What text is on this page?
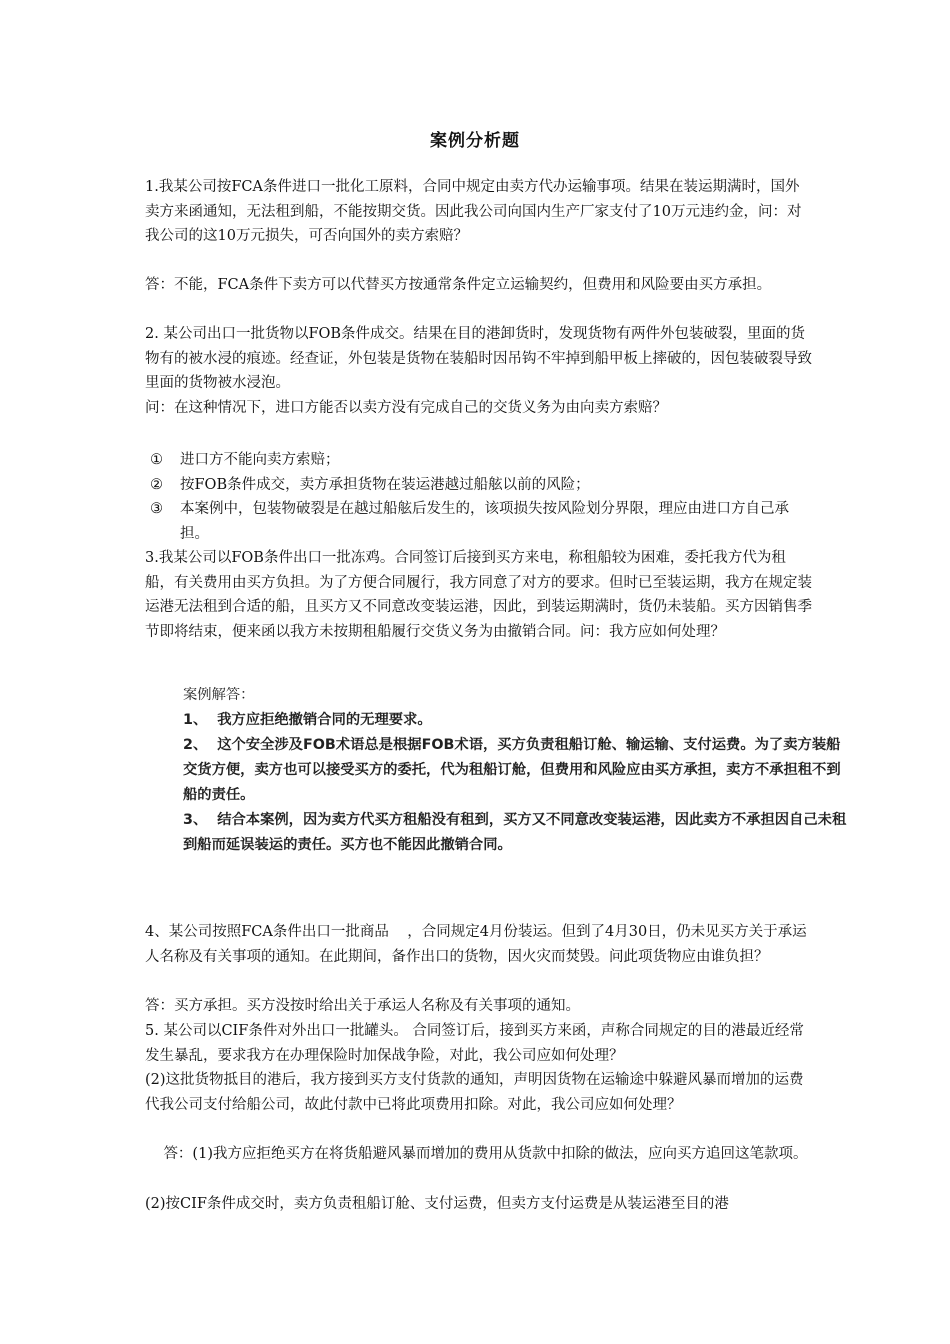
案例分析题
1.我某公司按FCA条件进口一批化工原料，合同中规定由卖方代办运输事项。结果在装运期满时，国外卖方来函通知，无法租到船，不能按期交货。因此我公司向国内生产厂家支付了10万元违约金，问：对我公司的这10万元损失，可否向国外的卖方索赔？
答：不能，FCA条件下卖方可以代替买方按通常条件定立运输契约，但费用和风险要由买方承担。
2. 某公司出口一批货物以FOB条件成交。结果在目的港卸货时，发现货物有两件外包装破裂，里面的货物有的被水浸的痕迹。经查证，外包装是货物在装船时因吊钩不牢掉到船甲板上摔破的，因包装破裂导致里面的货物被水浸泡。
问：在这种情况下，进口方能否以卖方没有完成自己的交货义务为由向卖方索赔？
①	进口方不能向卖方索赔；
②	按FOB条件成交，卖方承担货物在装运港越过船舷以前的风险；
③	本案例中，包装物破裂是在越过船舷后发生的，该项损失按风险划分界限，理应由进口方自己承担。
3.我某公司以FOB条件出口一批冻鸡。合同签订后接到买方来电，称租船较为困难，委托我方代为租船，有关费用由买方负担。为了方便合同履行，我方同意了对方的要求。但时已至装运期，我方在规定装运港无法租到合适的船，且买方又不同意改变装运港，因此，到装运期满时，货仍未装船。买方因销售季节即将结束，便来函以我方未按期租船履行交货义务为由撤销合同。问：我方应如何处理？
案例解答：
1、  我方应拒绝撤销合同的无理要求。
2、  这个安全涉及FOB术语总是根据FOB术语，买方负责租船订舱、输运输、支付运费。为了卖方装船交货方便，卖方也可以接受买方的委托，代为租船订舱，但费用和风险应由买方承担，卖方不承担租不到船的责任。
3、  结合本案例，因为卖方代买方租船没有租到，买方又不同意改变装运港，因此卖方不承担因自己未租到船而延误装运的责任。买方也不能因此撤销合同。
4、某公司按照FCA条件出口一批商品    ，合同规定4月份装运。但到了4月30日，仍未见买方关于承运人名称及有关事项的通知。在此期间，备作出口的货物，因火灾而焚毁。问此项货物应由谁负担？
答：买方承担。买方没按时给出关于承运人名称及有关事项的通知。
5. 某公司以CIF条件对外出口一批罐头。 合同签订后，接到买方来函，声称合同规定的目的港最近经常发生暴乱，要求我方在办理保险时加保战争险，对此，我公司应如何处理？
(2)这批货物抵目的港后，我方接到买方支付货款的通知，声明因货物在运输途中躲避风暴而增加的运费代我公司支付给船公司，故此付款中已将此项费用扣除。对此，我公司应如何处理？
答：(1)我方应拒绝买方在将货船避风暴而增加的费用从货款中扣除的做法，应向买方追回这笔款项。
(2)按CIF条件成交时，卖方负责租船订舱、支付运费，但卖方支付运费是从装运港至目的港
